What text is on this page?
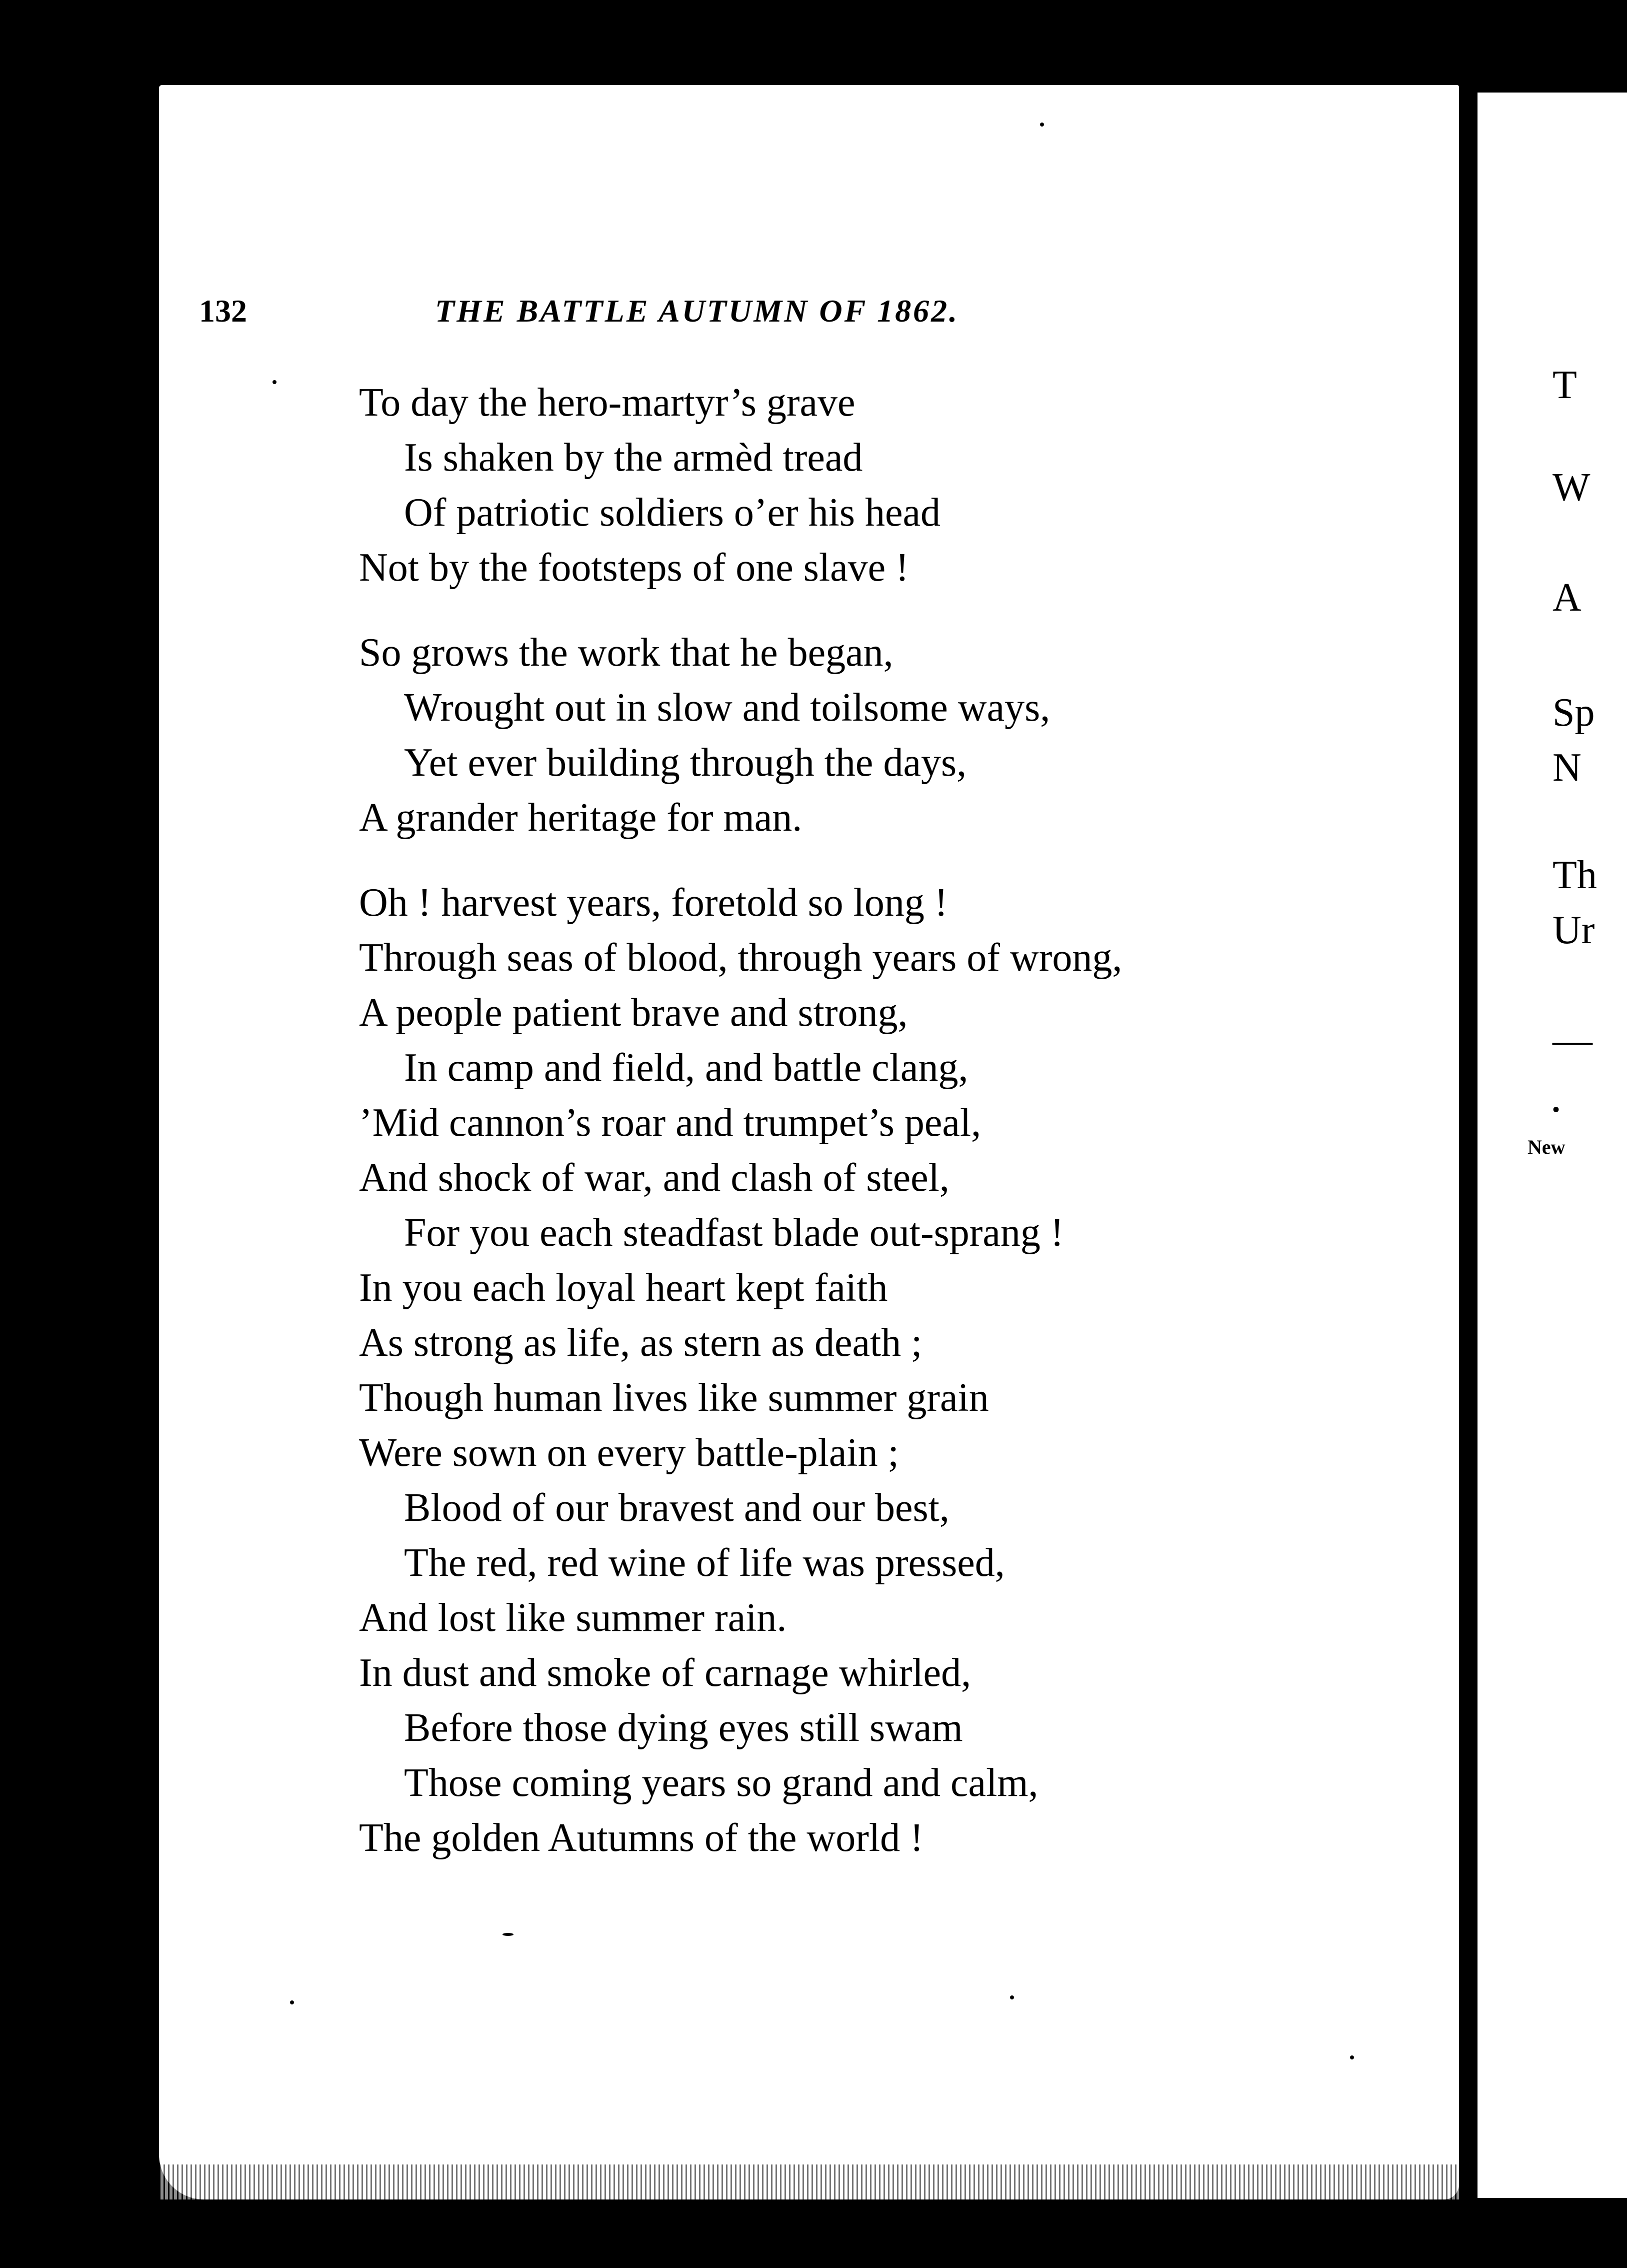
T
W
A
Sp
N
Th
Ur
—
•
New
132	THE BATTLE AUTUMN OF 1862.
To day the hero-martyr’s grave
Is shaken by the armèd tread
Of patriotic soldiers o’er his head
Not by the footsteps of one slave !
So grows the work that he began,
Wrought out in slow and toilsome ways,
Yet ever building through the days,
A grander heritage for man.
Oh ! harvest years, foretold so long !
Through seas of blood, through years of wrong,
A people patient brave and strong,
In camp and field, and battle clang,
’Mid cannon’s roar and trumpet’s peal,
And shock of war, and clash of steel,
For you each steadfast blade out-sprang !
In you each loyal heart kept faith
As strong as life, as stern as death ;
Though human lives like summer grain
Were sown on every battle-plain ;
Blood of our bravest and our best,
The red, red wine of life was pressed,
And lost like summer rain.
In dust and smoke of carnage whirled,
Before those dying eyes still swam
Those coming years so grand and calm,
The golden Autumns of the world !
